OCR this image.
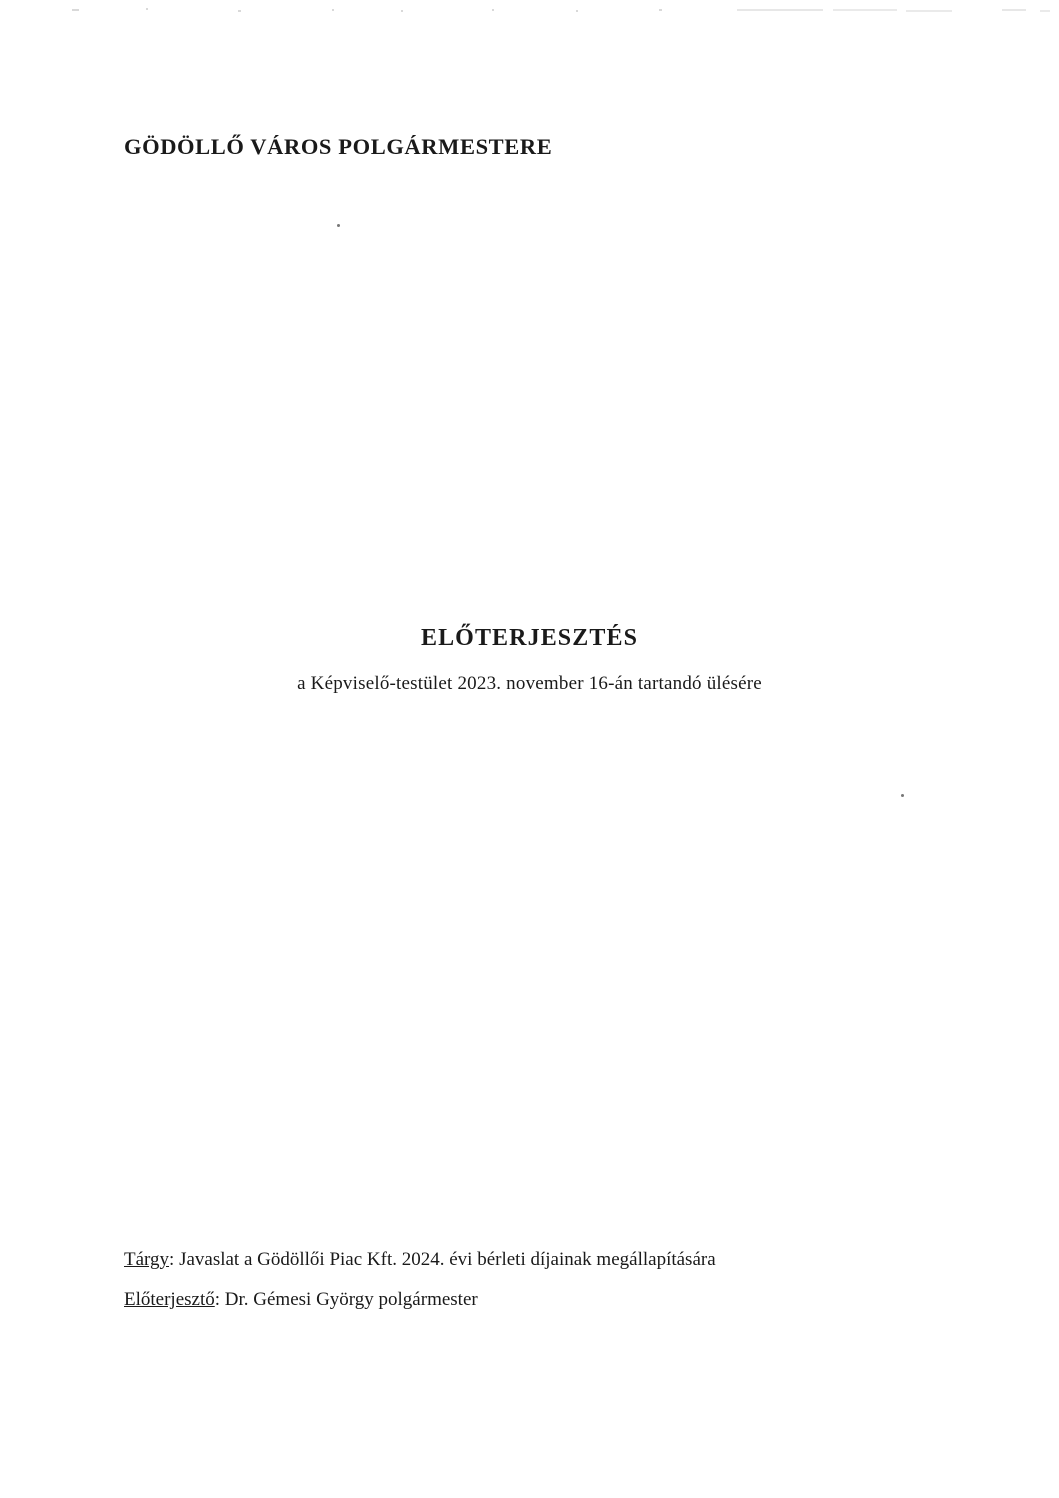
GÖDÖLLŐ VÁROS POLGÁRMESTERE
ELŐTERJESZTÉS
a Képviselő-testület 2023. november 16-án tartandó ülésére
Tárgy: Javaslat a Gödöllői Piac Kft. 2024. évi bérleti díjainak megállapítására
Előterjesztő: Dr. Gémesi György polgármester
